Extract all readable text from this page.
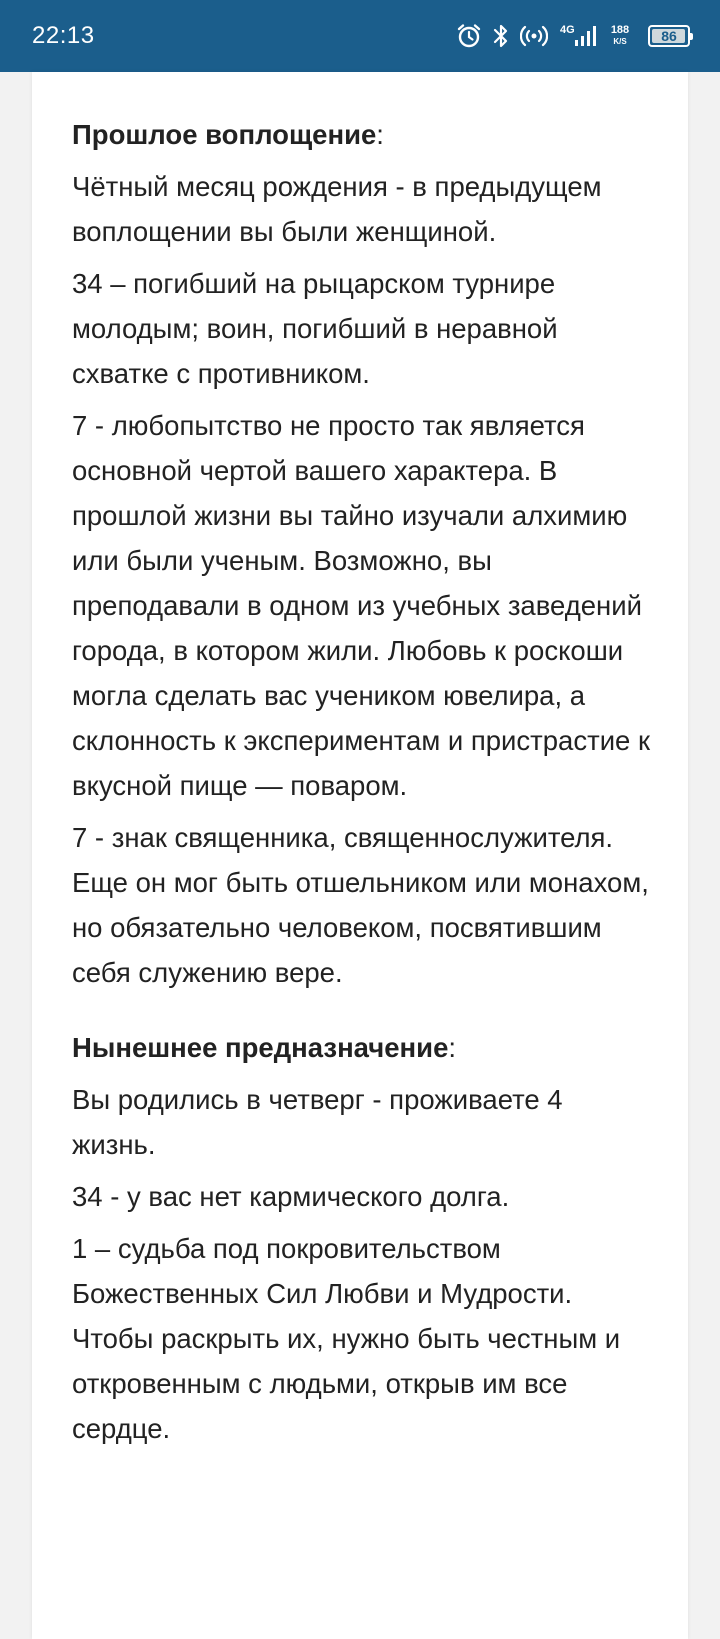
22:13	4G	188
K/S	86
Прошлое воплощение:

Чётный месяц рождения - в предыдущем воплощении вы были женщиной.

34 – погибший на рыцарском турнире молодым; воин, погибший в неравной схватке с противником.

7 - любопытство не просто так является основной чертой вашего характера. В прошлой жизни вы тайно изучали алхимию или были ученым. Возможно, вы преподавали в одном из учебных заведений города, в котором жили. Любовь к роскоши могла сделать вас учеником ювелира, а склонность к экспериментам и пристрастие к вкусной пище — поваром.

7 - знак священника, священнослужителя. Еще он мог быть отшельником или монахом, но обязательно человеком, посвятившим себя служению вере.

Нынешнее предназначение:

Вы родились в четверг - проживаете 4 жизнь.

34 - у вас нет кармического долга.

1 – судьба под покровительством Божественных Сил Любви и Мудрости. Чтобы раскрыть их, нужно быть честным и откровенным с людьми, открыв им все сердце.
